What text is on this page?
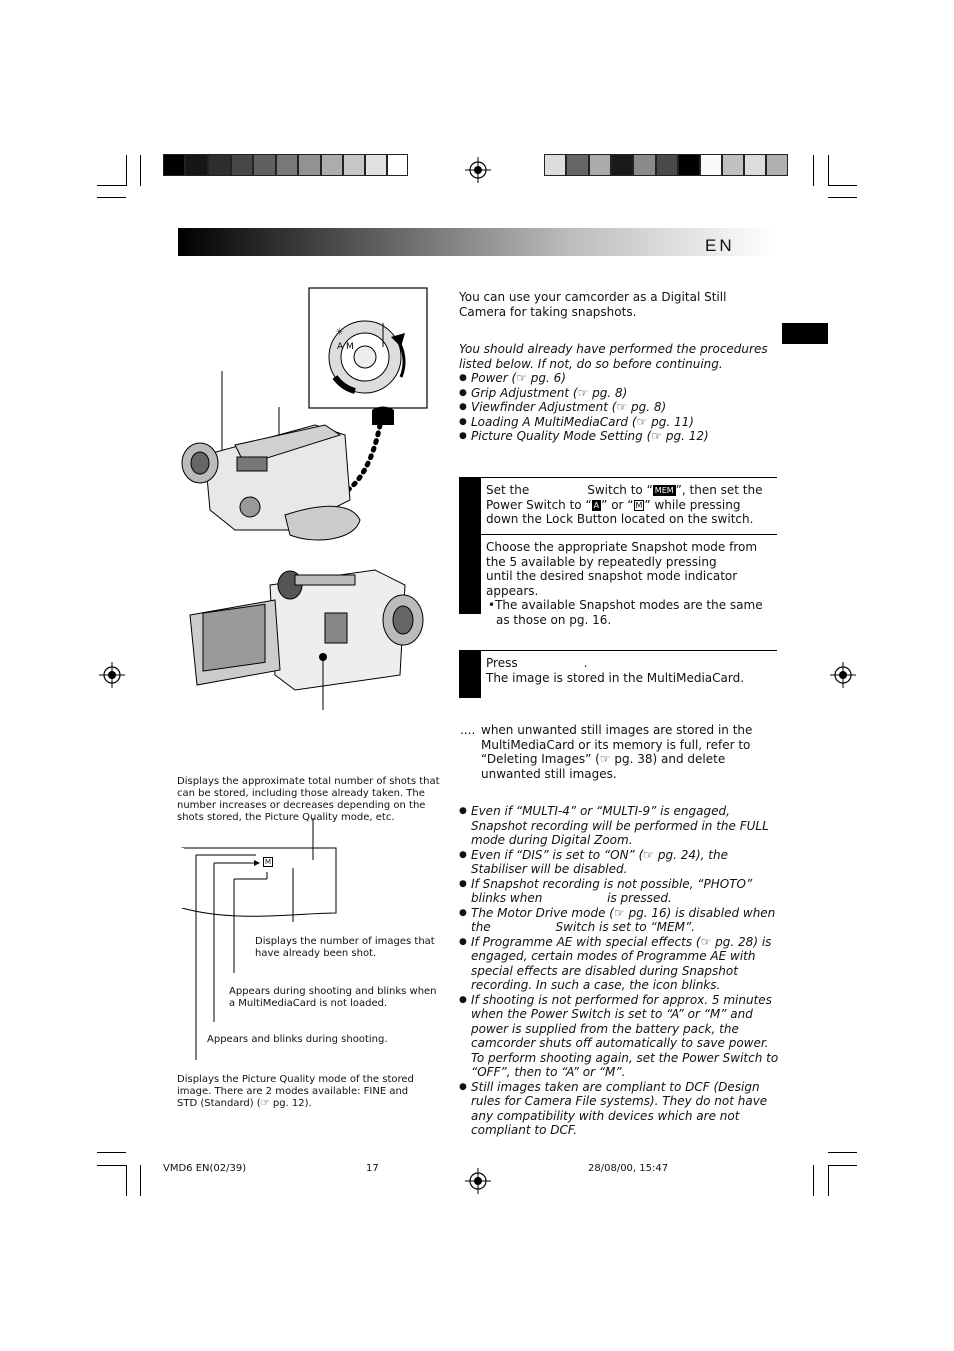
EN
A M
☼
You can use your camcorder as a Digital Still Camera for taking snapshots.
You should already have performed the procedures listed below. If not, do so before continuing.
● Power (☞ pg. 6)
● Grip Adjustment (☞ pg. 8)
● Viewfinder Adjustment (☞ pg. 8)
● Loading A MultiMediaCard (☞ pg. 11)
● Picture Quality Mode Setting (☞ pg. 12)
Set the	Switch to “ MEM ”, then set the Power Switch to “ A ” or “ M ” while pressing down the Lock Button located on the switch.
Choose the appropriate Snapshot mode from the 5 available by repeatedly pressinguntil the desired snapshot mode indicator appears.

•The available Snapshot modes are the same as those on pg. 16.
Press	.
The image is stored in the MultiMediaCard.
.... when unwanted still images are stored in the MultiMediaCard or its memory is full, refer to “Deleting Images” (☞ pg. 38) and delete unwanted still images.
● Even if “MULTI-4” or “MULTI-9” is engaged, Snapshot recording will be performed in the FULL mode during Digital Zoom.
● Even if “DIS” is set to “ON” (☞ pg. 24), the Stabiliser will be disabled.
● If Snapshot recording is not possible, “PHOTO” blinks when                 is pressed.
● The Motor Drive mode (☞ pg. 16) is disabled when the                 Switch is set to “MEM”.
● If Programme AE with special effects (☞ pg. 28) is engaged, certain modes of Programme AE with special effects are disabled during Snapshot recording. In such a case, the icon blinks.
● If shooting is not performed for approx. 5 minutes when the Power Switch is set to “A” or “M” and power is supplied from the battery pack, the camcorder shuts off automatically to save power. To perform shooting again, set the Power Switch to “OFF”, then to “A” or “M”.
● Still images taken are compliant to DCF (Design rules for Camera File systems). They do not have any compatibility with devices which are not compliant to DCF.
Displays the approximate total number of shots that can be stored, including those already taken. The number increases or decreases depending on the shots stored, the Picture Quality mode, etc.
M
Displays the number of images that have already been shot.
Appears during shooting and blinks when a MultiMediaCard is not loaded.
Appears and blinks during shooting.
Displays the Picture Quality mode of the stored image. There are 2 modes available: FINE and STD (Standard) (☞ pg. 12).
VMD6 EN(02/39)	17	28/08/00, 15:47
